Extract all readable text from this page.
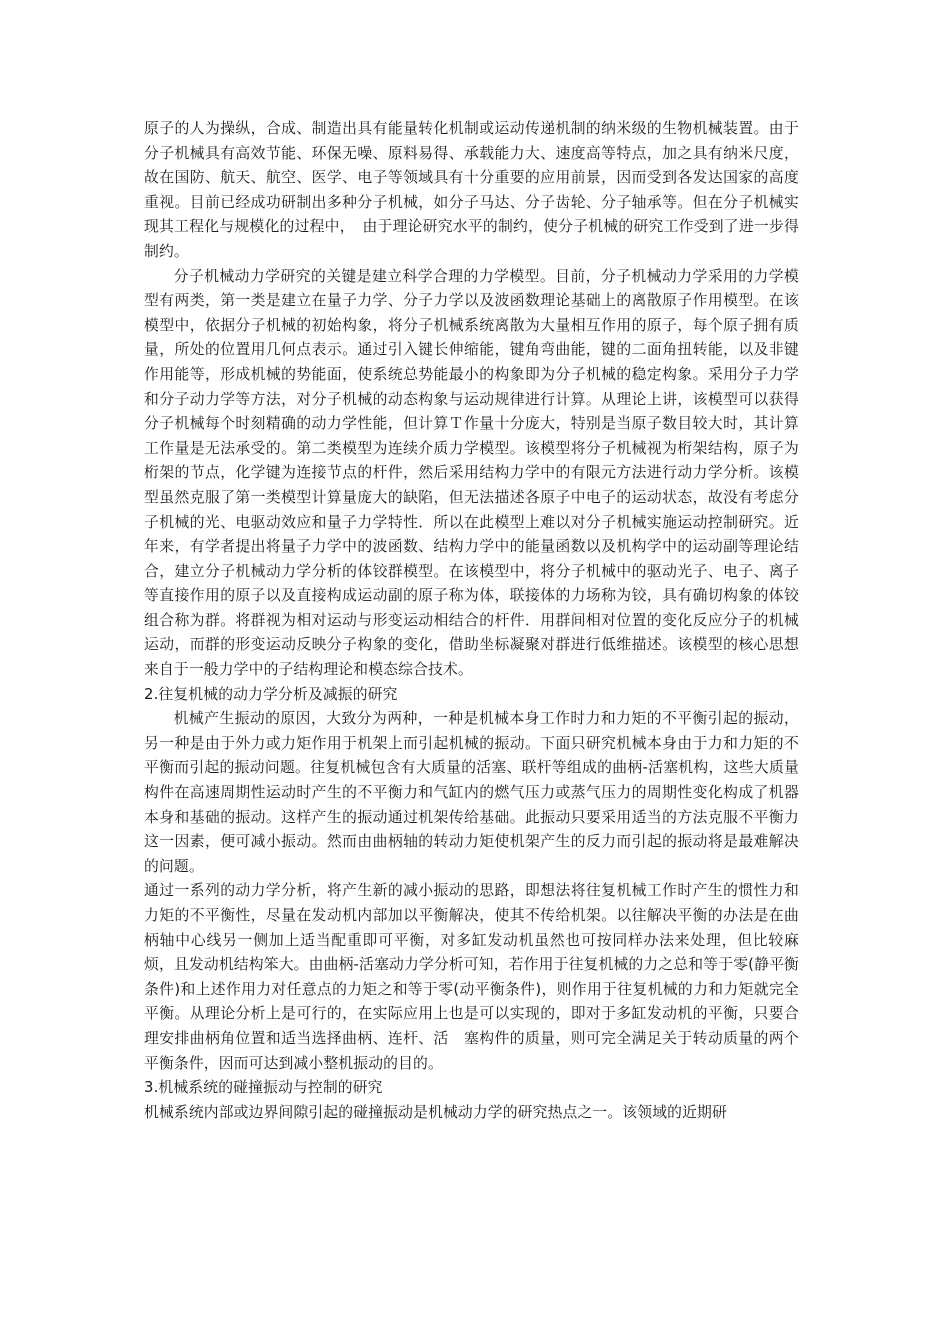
原子的人为操纵，合成、制造出具有能量转化机制或运动传递机制的纳米级的生物机械装置。由于分子机械具有高效节能、环保无噪、原料易得、承载能力大、速度高等特点，加之具有纳米尺度，故在国防、航天、航空、医学、电子等领域具有十分重要的应用前景，因而受到各发达国家的高度重视。目前已经成功研制出多种分子机械，如分子马达、分子齿轮、分子轴承等。但在分子机械实现其工程化与规模化的过程中，　由于理论研究水平的制约，使分子机械的研究工作受到了进一步得制约。

分子机械动力学研究的关键是建立科学合理的力学模型。目前，分子机械动力学采用的力学模型有两类，第一类是建立在量子力学、分子力学以及波函数理论基础上的离散原子作用模型。在该模型中，依据分子机械的初始构象，将分子机械系统离散为大量相互作用的原子，每个原子拥有质量，所处的位置用几何点表示。通过引入键长伸缩能，键角弯曲能，键的二面角扭转能，以及非键作用能等，形成机械的势能面，使系统总势能最小的构象即为分子机械的稳定构象。采用分子力学和分子动力学等方法，对分子机械的动态构象与运动规律进行计算。从理论上讲，该模型可以获得分子机械每个时刻精确的动力学性能，但计算Ｔ作量十分庞大，特别是当原子数目较大时，其计算工作量是无法承受的。第二类模型为连续介质力学模型。该模型将分子机械视为桁架结构，原子为桁架的节点，化学键为连接节点的杆件，然后采用结构力学中的有限元方法进行动力学分析。该模型虽然克服了第一类模型计算量庞大的缺陷，但无法描述各原子中电子的运动状态，故没有考虑分子机械的光、电驱动效应和量子力学特性．所以在此模型上难以对分子机械实施运动控制研究。近年来，有学者提出将量子力学中的波函数、结构力学中的能量函数以及机构学中的运动副等理论结合，建立分子机械动力学分析的体铰群模型。在该模型中，将分子机械中的驱动光子、电子、离子等直接作用的原子以及直接构成运动副的原子称为体，联接体的力场称为铰，具有确切构象的体铰组合称为群。将群视为相对运动与形变运动相结合的杆件．用群间相对位置的变化反应分子的机械运动，而群的形变运动反映分子构象的变化，借助坐标凝聚对群进行低维描述。该模型的核心思想来自于一般力学中的子结构理论和模态综合技术。

2.往复机械的动力学分析及减振的研究

机械产生振动的原因，大致分为两种，一种是机械本身工作时力和力矩的不平衡引起的振动，另一种是由于外力或力矩作用于机架上而引起机械的振动。下面只研究机械本身由于力和力矩的不平衡而引起的振动问题。往复机械包含有大质量的活塞、联杆等组成的曲柄-活塞机构，这些大质量构件在高速周期性运动时产生的不平衡力和气缸内的燃气压力或蒸气压力的周期性变化构成了机器本身和基础的振动。这样产生的振动通过机架传给基础。此振动只要采用适当的方法克服不平衡力这一因素，便可减小振动。然而由曲柄轴的转动力矩使机架产生的反力而引起的振动将是最难解决的问题。

通过一系列的动力学分析，将产生新的减小振动的思路，即想法将往复机械工作时产生的惯性力和力矩的不平衡性，尽量在发动机内部加以平衡解决，使其不传给机架。以往解决平衡的办法是在曲柄轴中心线另一侧加上适当配重即可平衡，对多缸发动机虽然也可按同样办法来处理，但比较麻烦，且发动机结构笨大。由曲柄-活塞动力学分析可知，若作用于往复机械的力之总和等于零(静平衡条件)和上述作用力对任意点的力矩之和等于零(动平衡条件)，则作用于往复机械的力和力矩就完全平衡。从理论分析上是可行的，在实际应用上也是可以实现的，即对于多缸发动机的平衡，只要合理安排曲柄角位置和适当选择曲柄、连杆、活　塞构件的质量，则可完全满足关于转动质量的两个平衡条件，因而可达到减小整机振动的目的。

3.机械系统的碰撞振动与控制的研究

机械系统内部或边界间隙引起的碰撞振动是机械动力学的研究热点之一。该领域的近期研
